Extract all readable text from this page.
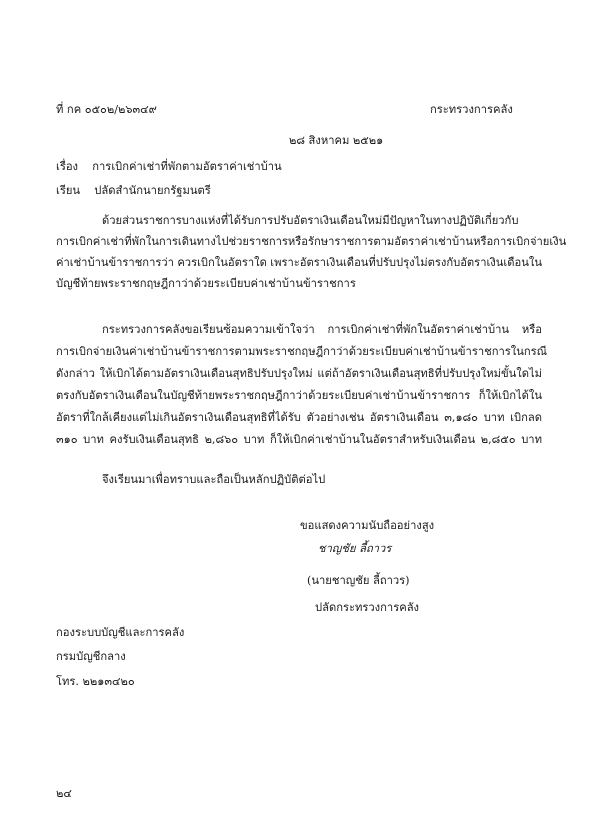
ที่ กค ๐๕๐๒/๒๖๓๔๙	กระทรวงการคลัง
๒๘ สิงหาคม ๒๕๒๑
เรื่อง การเบิกค่าเช่าที่พักตามอัตราค่าเช่าบ้าน
เรียน ปลัดสำนักนายกรัฐมนตรี
ด้วยส่วนราชการบางแห่งที่ได้รับการปรับอัตราเงินเดือนใหม่มีปัญหาในทางปฏิบัติเกี่ยวกับ
การเบิกค่าเช่าที่พักในการเดินทางไปช่วยราชการหรือรักษาราชการตามอัตราค่าเช่าบ้าน หรือการเบิกจ่ายเงิน
ค่าเช่าบ้านข้าราชการว่า ควรเบิกในอัตราใด เพราะอัตราเงินเดือนที่ปรับปรุงไม่ตรงกับอัตราเงินเดือนใน
บัญชีท้ายพระราชกฤษฎีกาว่าด้วยระเบียบค่าเช่าบ้านข้าราชการ
กระทรวงการคลังขอเรียนซ้อมความเข้าใจว่า การเบิกค่าเช่าที่พักในอัตราค่าเช่าบ้าน หรือ
การเบิกจ่ายเงินค่าเช่าบ้านข้าราชการตามพระราชกฤษฎีกาว่าด้วยระเบียบค่าเช่าบ้านข้าราชการในกรณี
ดังกล่าว ให้เบิกได้ตามอัตราเงินเดือนสุทธิปรับปรุงใหม่ แต่ถ้าอัตราเงินเดือนสุทธิที่ปรับปรุงใหม่ขั้นใดไม่
ตรงกับอัตราเงินเดือนในบัญชีท้ายพระราชกฤษฎีกาว่าด้วยระเบียบค่าเช่าบ้านข้าราชการ ก็ให้เบิกได้ใน
อัตราที่ใกล้เคียงแต่ไม่เกินอัตราเงินเดือนสุทธิที่ได้รับ ตัวอย่างเช่น อัตราเงินเดือน ๓,๑๘๐ บาท เบิกลด
๓๑๐ บาท คงรับเงินเดือนสุทธิ ๒,๘๖๐ บาท ก็ให้เบิกค่าเช่าบ้านในอัตราสำหรับเงินเดือน ๒,๘๕๐ บาท
จึงเรียนมาเพื่อทราบและถือเป็นหลักปฏิบัติต่อไป
ขอแสดงความนับถืออย่างสูง
ชาญชัย ลี้ถาวร
(นายชาญชัย ลี้ถาวร)
ปลัดกระทรวงการคลัง
กองระบบบัญชีและการคลัง
กรมบัญชีกลาง
โทร. ๒๒๑๓๔๒๐
๒๔
